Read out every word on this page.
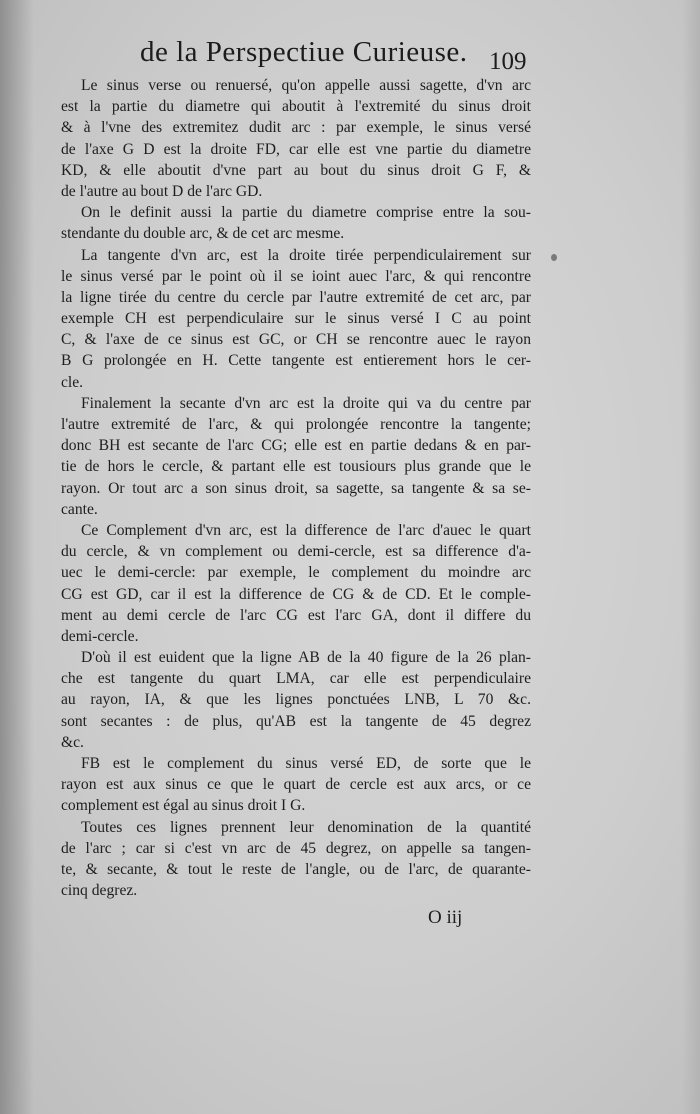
de la Perspectiue Curieuse. 109
Le sinus verse ou renuersé, qu'on appelle aussi sagette, d'vn arc
est la partie du diametre qui aboutit à l'extremité du sinus droit
& à l'vne des extremitez dudit arc : par exemple, le sinus versé
de l'axe G D est la droite FD, car elle est vne partie du diametre
KD, & elle aboutit d'vne part au bout du sinus droit G F, &
de l'autre au bout D de l'arc GD.
On le definit aussi la partie du diametre comprise entre la sou-
stendante du double arc, & de cet arc mesme.
La tangente d'vn arc, est la droite tirée perpendiculairement sur
le sinus versé par le point où il se ioint auec l'arc, & qui rencontre
la ligne tirée du centre du cercle par l'autre extremité de cet arc, par
exemple CH est perpendiculaire sur le sinus versé I C au point
C, & l'axe de ce sinus est GC, or CH se rencontre auec le rayon
B G prolongée en H. Cette tangente est entierement hors le cer-
cle.
Finalement la secante d'vn arc est la droite qui va du centre par
l'autre extremité de l'arc, & qui prolongée rencontre la tangente;
donc BH est secante de l'arc CG; elle est en partie dedans & en par-
tie de hors le cercle, & partant elle est tousiours plus grande que le
rayon. Or tout arc a son sinus droit, sa sagette, sa tangente & sa se-
cante.
Ce Complement d'vn arc, est la difference de l'arc d'auec le quart
du cercle, & vn complement ou demi-cercle, est sa difference d'a-
uec le demi-cercle: par exemple, le complement du moindre arc
CG est GD, car il est la difference de CG & de CD. Et le comple-
ment au demi cercle de l'arc CG est l'arc GA, dont il differe du
demi-cercle.
D'où il est euident que la ligne AB de la 40 figure de la 26 plan-
che est tangente du quart LMA, car elle est perpendiculaire
au rayon, IA, & que les lignes ponctuées LNB, L 70 &c.
sont secantes : de plus, qu'AB est la tangente de 45 degrez
&c.
FB est le complement du sinus versé ED, de sorte que le
rayon est aux sinus ce que le quart de cercle est aux arcs, or ce
complement est égal au sinus droit I G.
Toutes ces lignes prennent leur denomination de la quantité
de l'arc ; car si c'est vn arc de 45 degrez, on appelle sa tangen-
te, & secante, & tout le reste de l'angle, ou de l'arc, de quarante-
cinq degrez.
O iij
